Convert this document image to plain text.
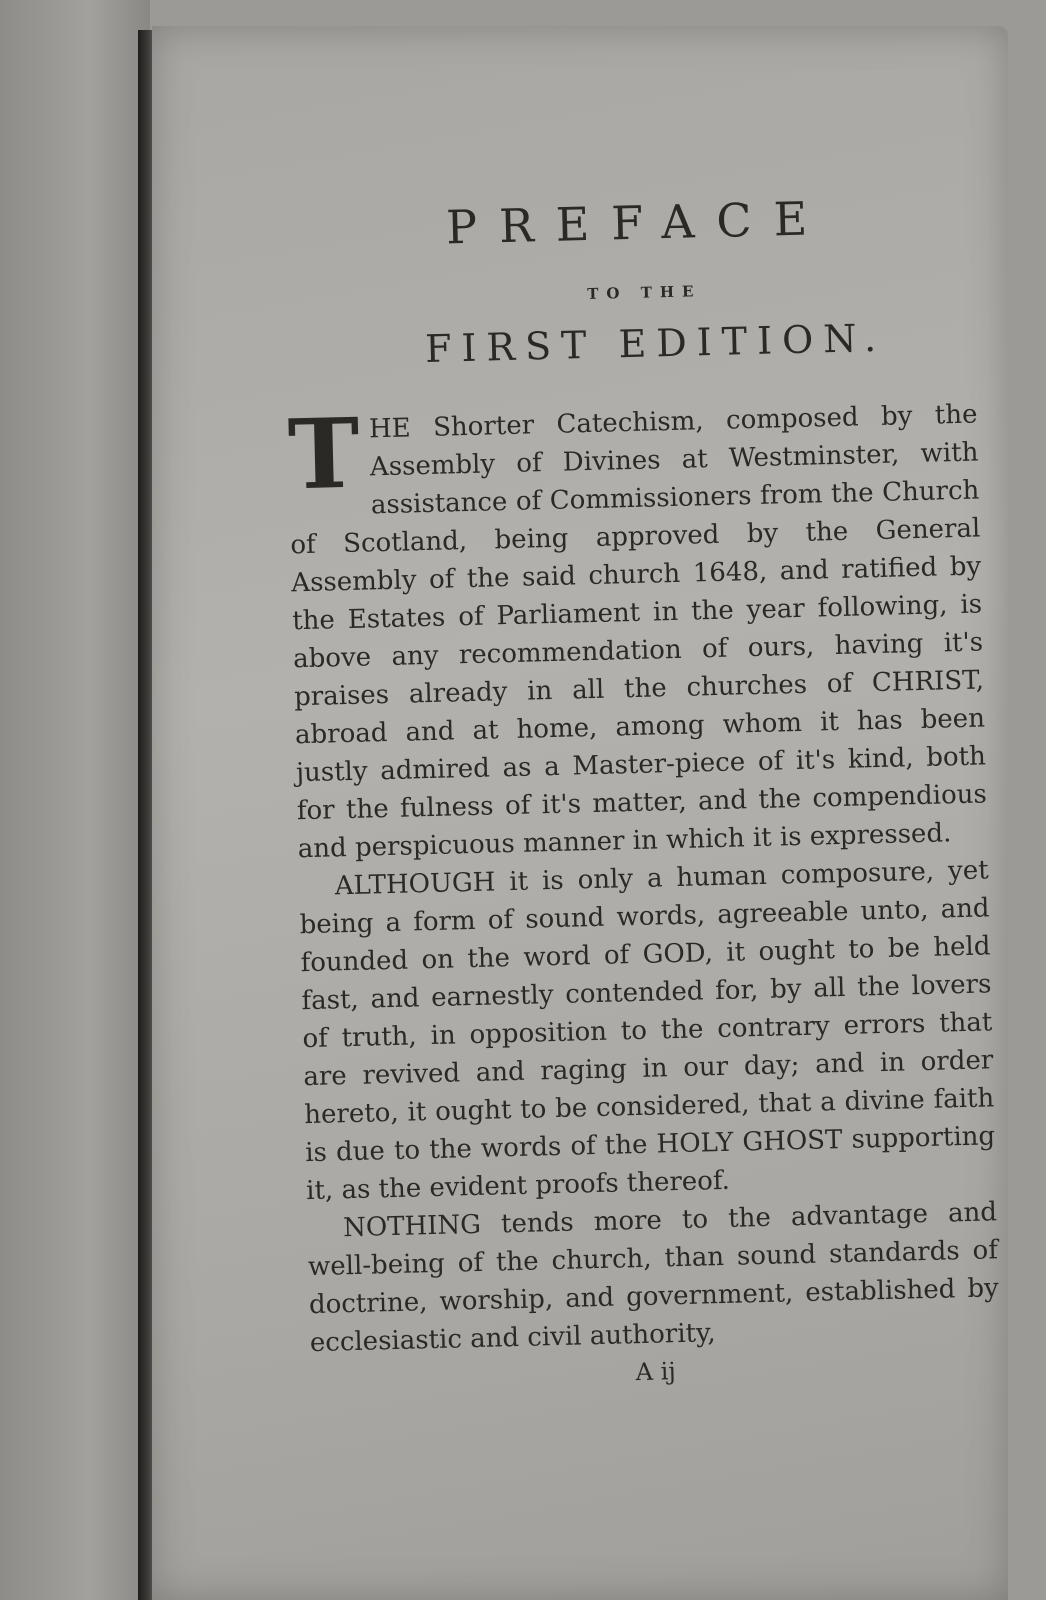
PREFACE
TO THE
FIRST EDITION.

THE Shorter Catechism, composed by the Assembly of Divines at Westminster, with assistance of Commissioners from the Church of Scotland, being approved by the General Assembly of the said church 1648, and ratified by the Estates of Parliament in the year following, is above any recommendation of ours, having it's praises already in all the churches of CHRIST, abroad and at home, among whom it has been justly admired as a Master-piece of it's kind, both for the fulness of it's matter, and the compendious and perspicuous manner in which it is expressed.

ALTHOUGH it is only a human composure, yet being a form of sound words, agreeable unto, and founded on the word of GOD, it ought to be held fast, and earnestly contended for, by all the lovers of truth, in opposition to the contrary errors that are revived and raging in our day; and in order hereto, it ought to be considered, that a divine faith is due to the words of the HOLY GHOST supporting it, as the evident proofs thereof.

NOTHING tends more to the advantage and well-being of the church, than sound standards of doctrine, worship, and government, established by ecclesiastic and civil authority,

A ij
